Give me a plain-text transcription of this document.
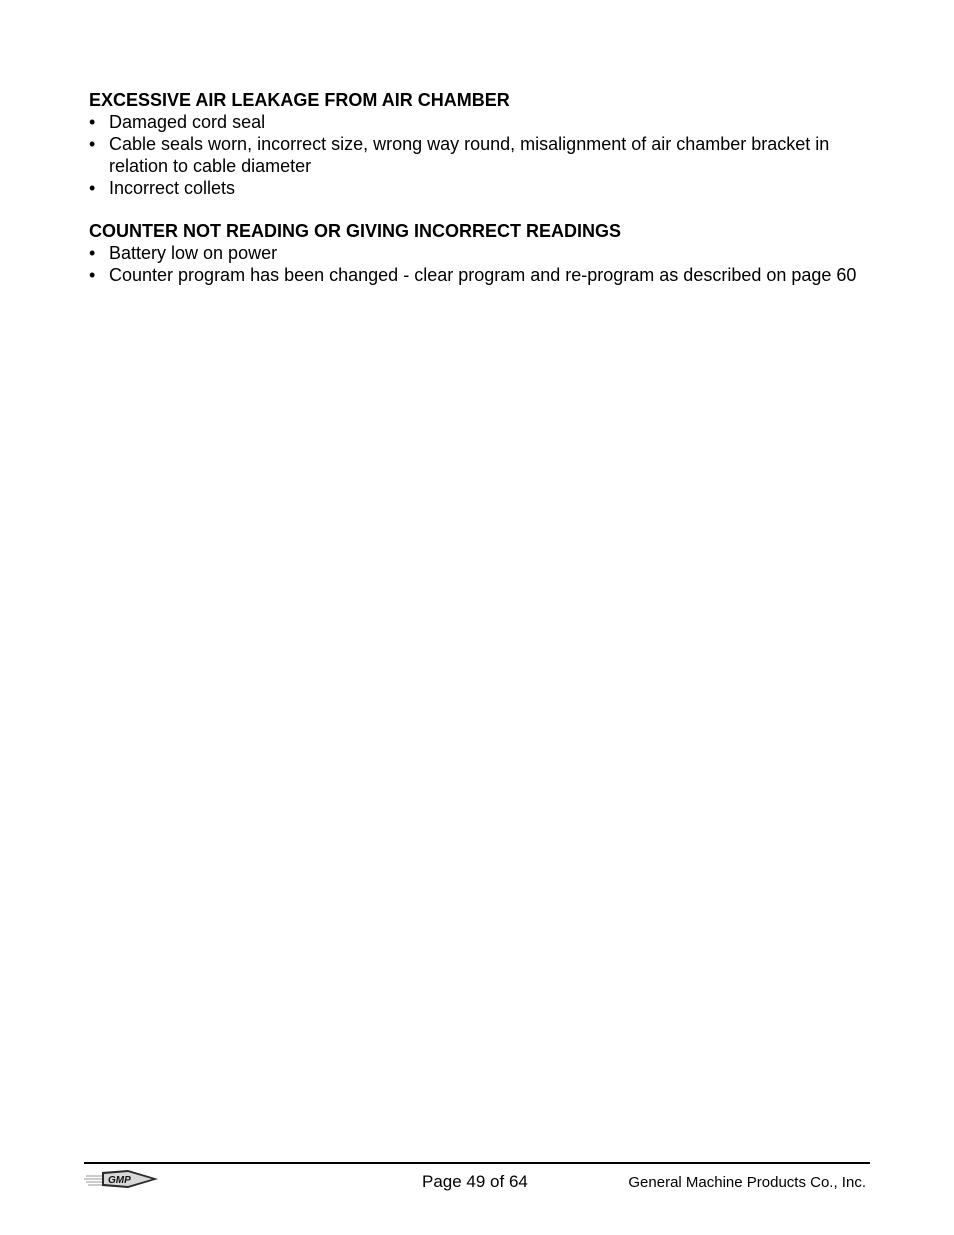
EXCESSIVE AIR LEAKAGE FROM AIR CHAMBER
• Damaged cord seal
• Cable seals worn, incorrect size, wrong way round, misalignment of air chamber bracket in relation to cable diameter
• Incorrect collets
COUNTER NOT READING OR GIVING INCORRECT READINGS
• Battery low on power
• Counter program has been changed - clear program and re-program as described on page 60
GMP	Page 49 of 64	General Machine Products Co., Inc.
